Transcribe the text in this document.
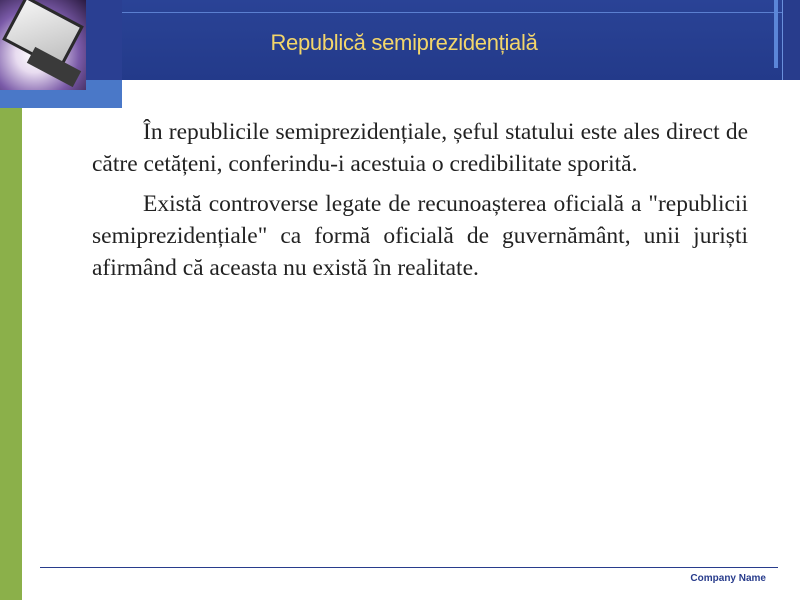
Republică semiprezidențială

În republicile semiprezidențiale, șeful statului este ales direct de către cetățeni, conferindu-i acestuia o credibilitate sporită.

Există controverse legate de recunoașterea oficială a "republicii semiprezidențiale" ca formă oficială de guvernământ, unii juriști afirmând că aceasta nu există în realitate.

Company Name
